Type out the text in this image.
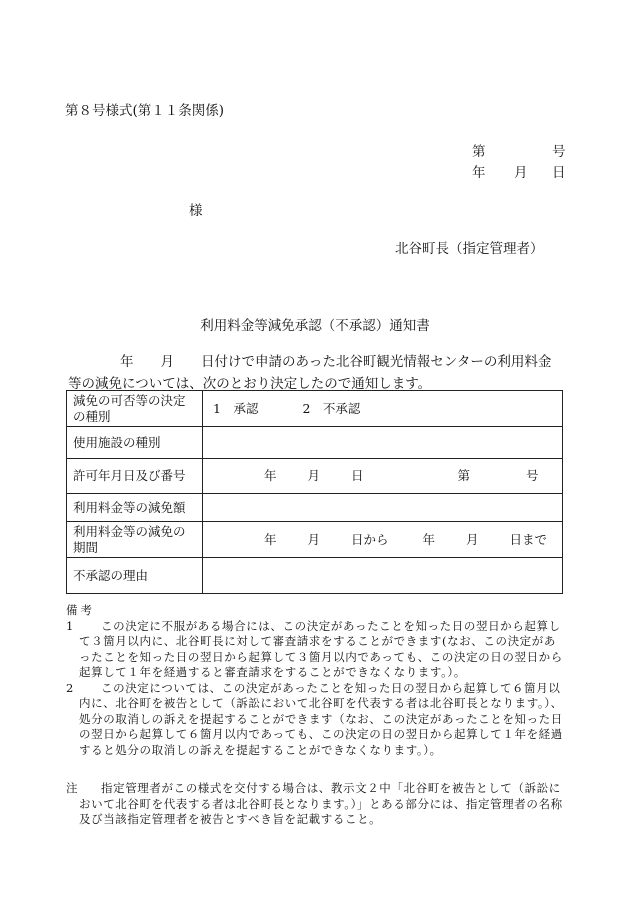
第８号様式(第１１条関係)
第	号
年 月 日
様
北谷町長（指定管理者）
利用料金等減免承認（不承認）通知書
年　　月　　日付けで申請のあった北谷町観光情報センターの利用料金
等の減免については、次のとおり決定したので通知します。
減免の可否等の決定の種別	1　承認 2　不承認
使用施設の種別	
許可年月日及び番号	年 月 日 第 号
利用料金等の減免額	
利用料金等の減免の期間	年 月 日から 年 月 日まで
不承認の理由	
備考
1 この決定に不服がある場合には、この決定があったことを知った日の翌日から起算して３箇月以内に、北谷町長に対して審査請求をすることができます(なお、この決定があったことを知った日の翌日から起算して３箇月以内であっても、この決定の日の翌日から起算して１年を経過すると審査請求をすることができなくなります。）。
2 この決定については、この決定があったことを知った日の翌日から起算して６箇月以内に、北谷町を被告として（訴訟において北谷町を代表する者は北谷町長となります。）、処分の取消しの訴えを提起することができます（なお、この決定があったことを知った日の翌日から起算して６箇月以内であっても、この決定の日の翌日から起算して１年を経過すると処分の取消しの訴えを提起することができなくなります。）。
注	指定管理者がこの様式を交付する場合は、教示文２中「北谷町を被告として（訴訟において北谷町を代表する者は北谷町長となります。）」とある部分には、指定管理者の名称及び当該指定管理者を被告とすべき旨を記載すること。
